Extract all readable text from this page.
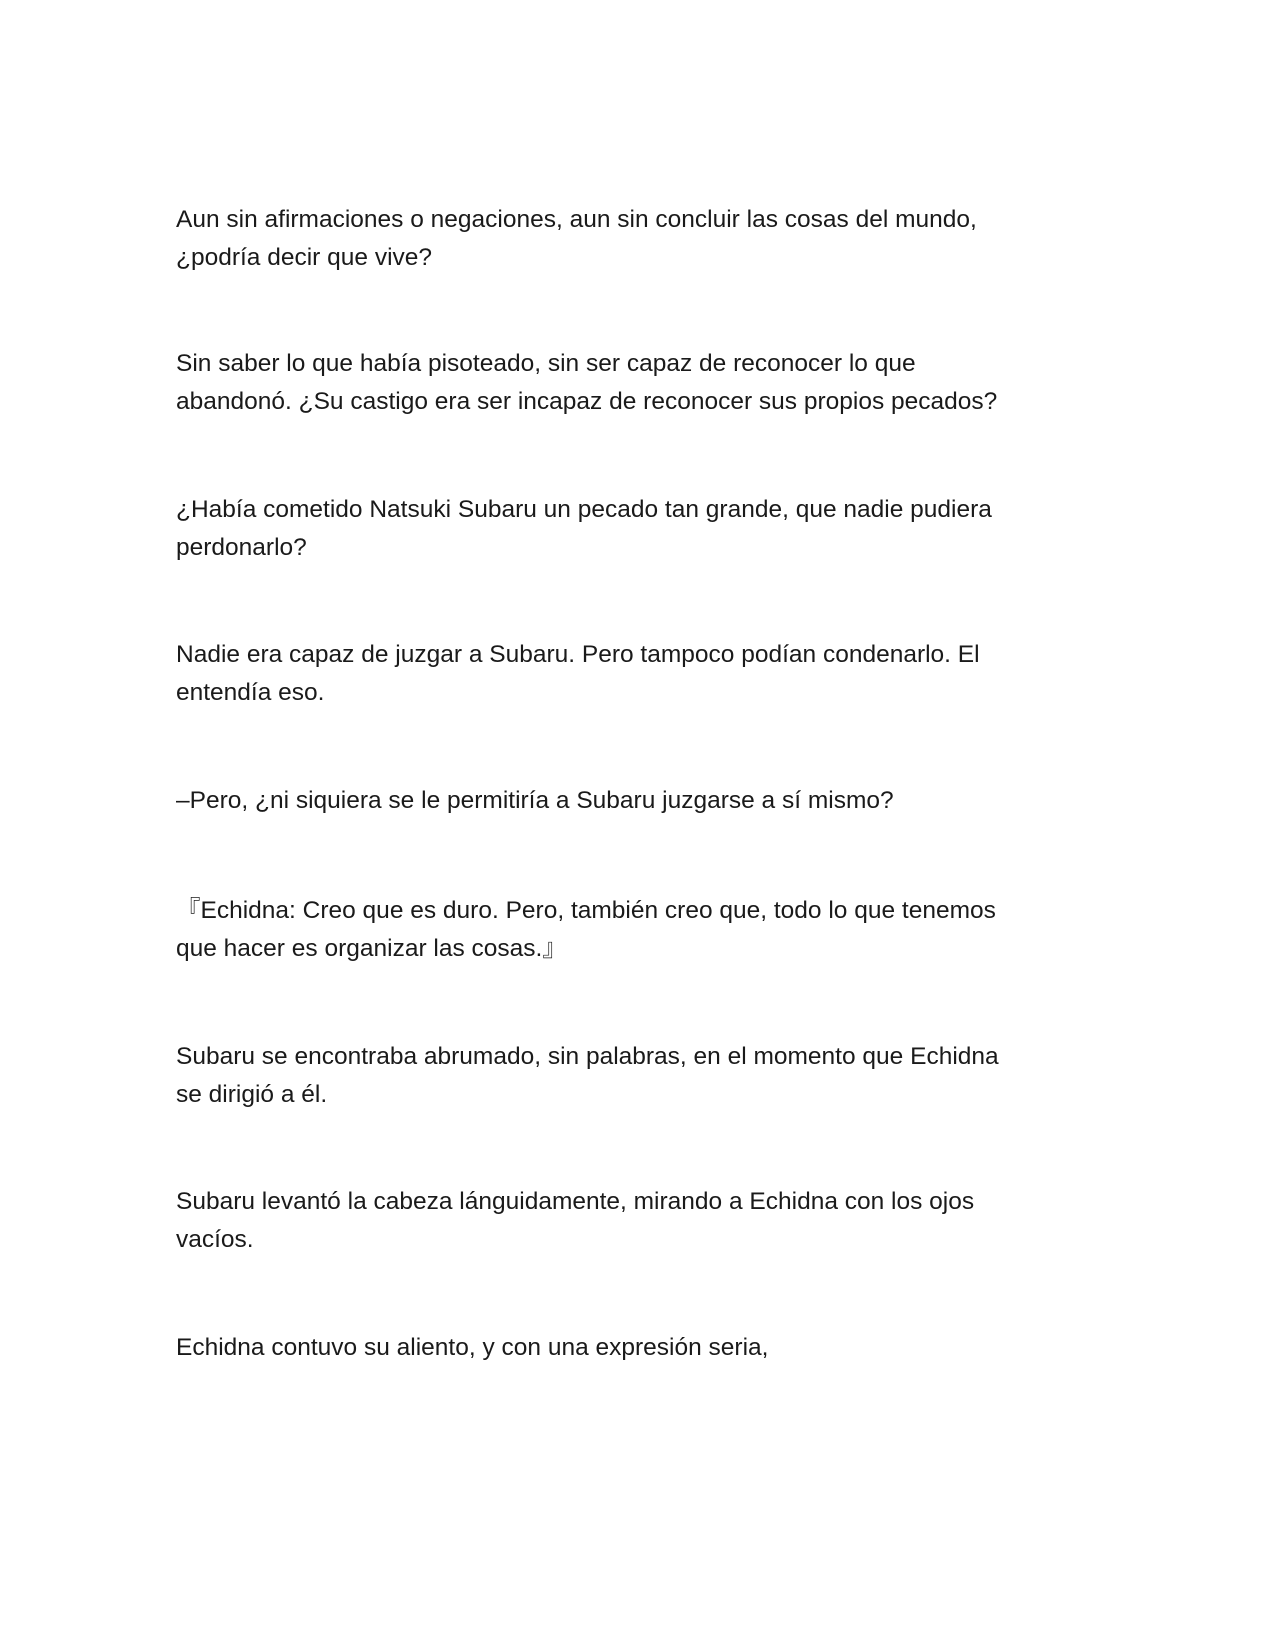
Aun sin afirmaciones o negaciones, aun sin concluir las cosas del mundo,
¿podría decir que vive?

Sin saber lo que había pisoteado, sin ser capaz de reconocer lo que
abandonó. ¿Su castigo era ser incapaz de reconocer sus propios pecados?

¿Había cometido Natsuki Subaru un pecado tan grande, que nadie pudiera
perdonarlo?

Nadie era capaz de juzgar a Subaru. Pero tampoco podían condenarlo. El
entendía eso.

–Pero, ¿ni siquiera se le permitiría a Subaru juzgarse a sí mismo?

『Echidna: Creo que es duro. Pero, también creo que, todo lo que tenemos
que hacer es organizar las cosas.』

Subaru se encontraba abrumado, sin palabras, en el momento que Echidna
se dirigió a él.

Subaru levantó la cabeza lánguidamente, mirando a Echidna con los ojos
vacíos.

Echidna contuvo su aliento, y con una expresión seria,
